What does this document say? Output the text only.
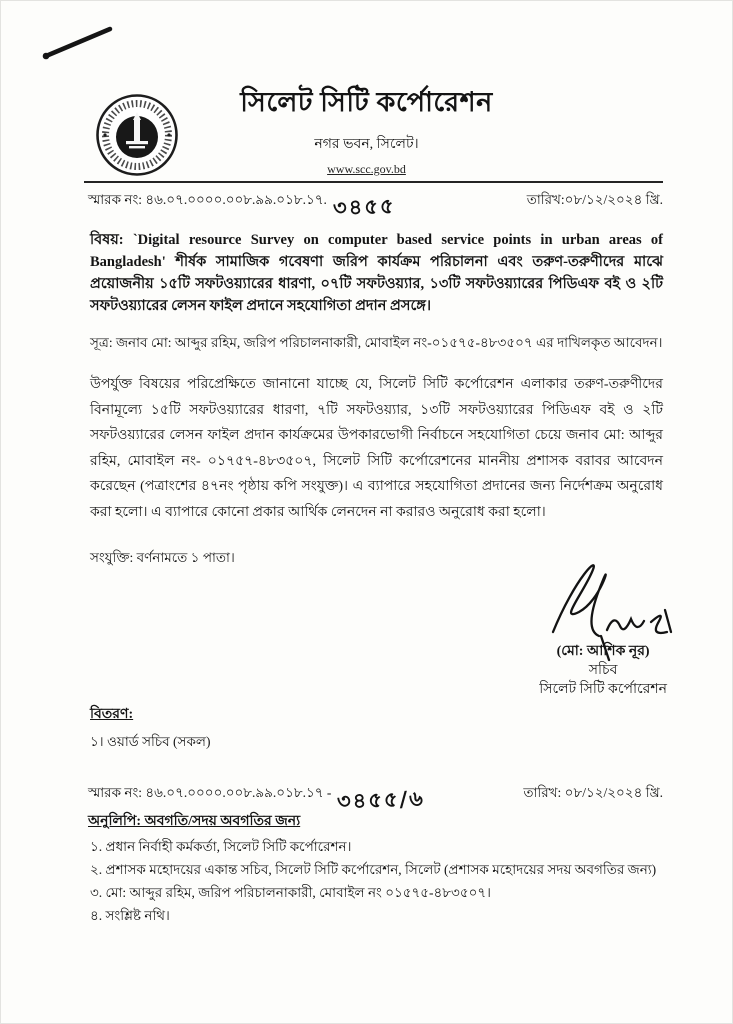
সিলেট সিটি কর্পোরেশন
নগর ভবন, সিলেট।
www.scc.gov.bd
স্মারক নং: ৪৬.০৭.০০০০.০০৮.৯৯.০১৮.১৭. ৩৪৫৫	তারিখ:০৮/১২/২০২৪ খ্রি.
বিষয়: `Digital resource Survey on computer based service points in urban areas of Bangladesh' শীর্ষক সামাজিক গবেষণা জরিপ কার্যক্রম পরিচালনা এবং তরুণ-তরুণীদের মাঝে প্রয়োজনীয় ১৫টি সফটওয়্যারের ধারণা, ০৭টি সফটওয়্যার, ১৩টি সফটওয়্যারের পিডিএফ বই ও ২টি সফটওয়্যারের লেসন ফাইল প্রদানে সহযোগিতা প্রদান প্রসঙ্গে।
সূত্র: জনাব মো: আব্দুর রহিম, জরিপ পরিচালনাকারী, মোবাইল নং-০১৫৭৫-৪৮৩৫০৭ এর দাখিলকৃত আবেদন।
উপর্যুক্ত বিষয়ের পরিপ্রেক্ষিতে জানানো যাচ্ছে যে, সিলেট সিটি কর্পোরেশন এলাকার তরুণ-তরুণীদের বিনামূল্যে ১৫টি সফটওয়্যারের ধারণা, ৭টি সফটওয়্যার, ১৩টি সফটওয়্যারের পিডিএফ বই ও ২টি সফটওয়্যারের লেসন ফাইল প্রদান কার্যক্রমের উপকারভোগী নির্বাচনে সহযোগিতা চেয়ে জনাব মো: আব্দুর রহিম, মোবাইল নং- ০১৭৫৭-৪৮৩৫০৭, সিলেট সিটি কর্পোরেশনের মাননীয় প্রশাসক বরাবর আবেদন করেছেন (পত্রাংশের ৪৭নং পৃষ্ঠায় কপি সংযুক্ত)। এ ব্যাপারে সহযোগিতা প্রদানের জন্য নির্দেশক্রম অনুরোধ করা হলো। এ ব্যাপারে কোনো প্রকার আর্থিক লেনদেন না করারও অনুরোধ করা হলো।
সংযুক্তি: বর্ণনামতে ১ পাতা।
(মো: আশিক নূর)
সচিব
সিলেট সিটি কর্পোরেশন
বিতরণ:
১। ওয়ার্ড সচিব (সকল)
স্মারক নং: ৪৬.০৭.০০০০.০০৮.৯৯.০১৮.১৭ - ৩৪৫৫/৬	তারিখ: ০৮/১২/২০২৪ খ্রি.
অনুলিপি: অবগতি/সদয় অবগতির জন্য
১. প্রধান নির্বাহী কর্মকর্তা, সিলেট সিটি কর্পোরেশন।
২. প্রশাসক মহোদয়ের একান্ত সচিব, সিলেট সিটি কর্পোরেশন, সিলেট (প্রশাসক মহোদয়ের সদয় অবগতির জন্য)
৩. মো: আব্দুর রহিম, জরিপ পরিচালনাকারী, মোবাইল নং ০১৫৭৫-৪৮৩৫০৭।
৪. সংশ্লিষ্ট নথি।
